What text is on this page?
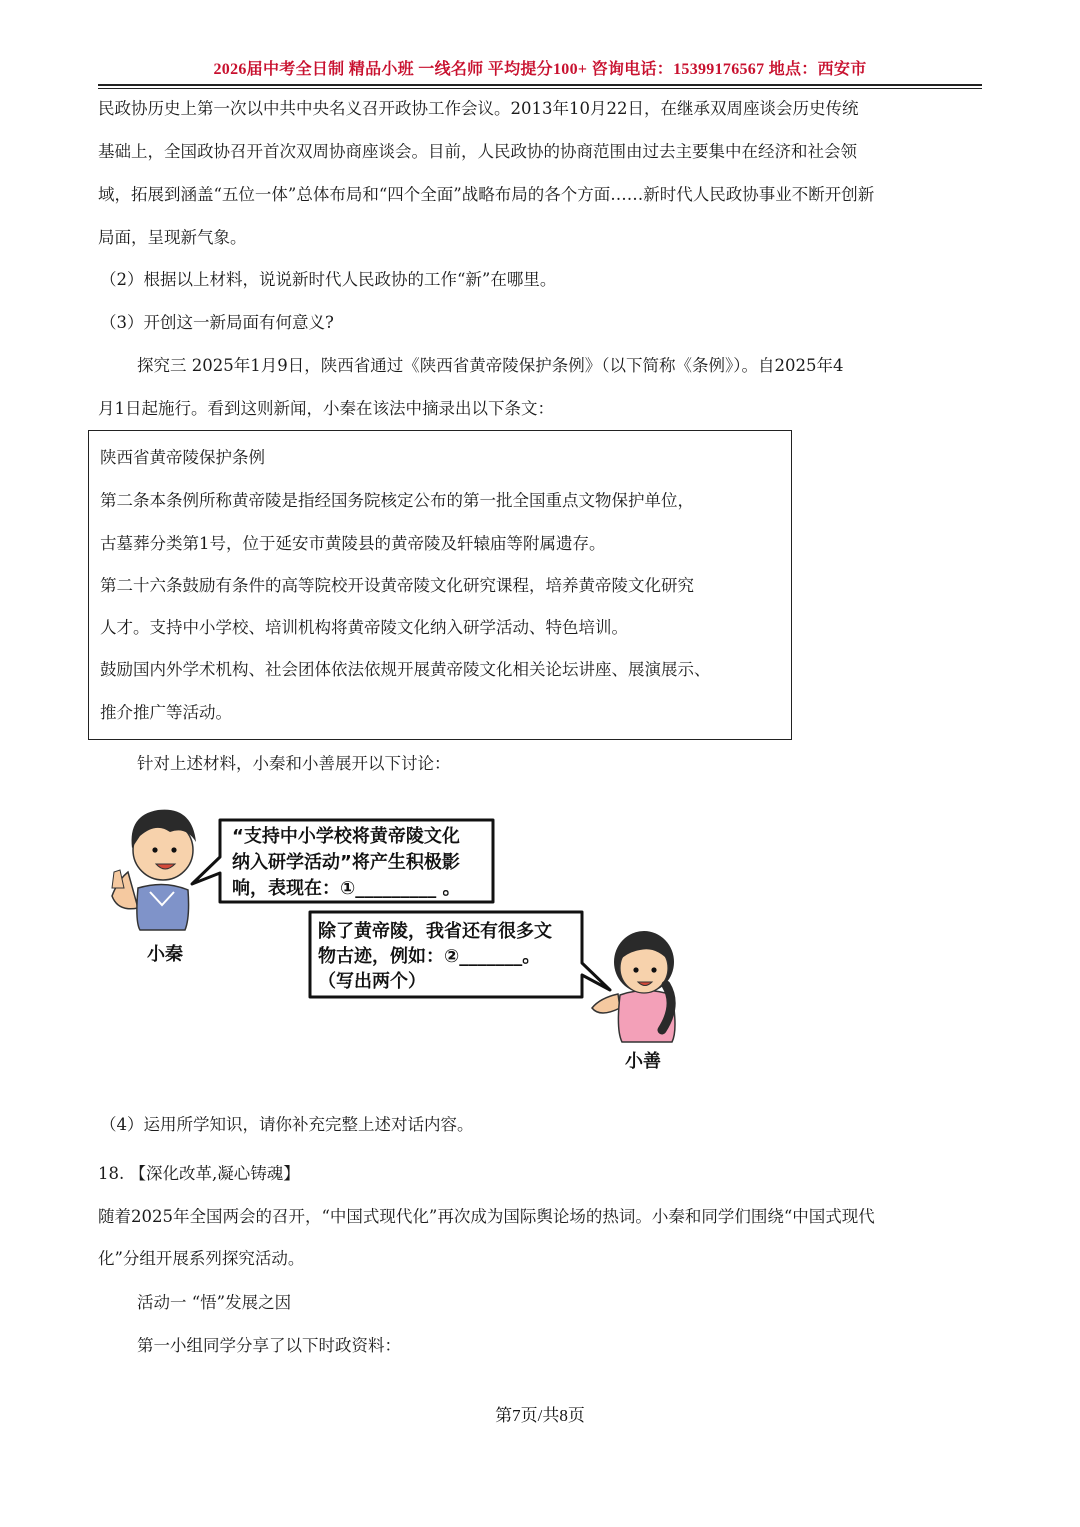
2026届中考全日制 精品小班 一线名师 平均提分100+ 咨询电话：15399176567 地点：西安市
民政协历史上第一次以中共中央名义召开政协工作会议。2013年10月22日，在继承双周座谈会历史传统
基础上，全国政协召开首次双周协商座谈会。目前，人民政协的协商范围由过去主要集中在经济和社会领
域，拓展到涵盖“五位一体”总体布局和“四个全面”战略布局的各个方面……新时代人民政协事业不断开创新
局面，呈现新气象。
（2）根据以上材料，说说新时代人民政协的工作“新”在哪里。
（3）开创这一新局面有何意义?
探究三 2025年1月9日，陕西省通过《陕西省黄帝陵保护条例》（以下简称《条例》）。自2025年4
月1日起施行。看到这则新闻，小秦在该法中摘录出以下条文：
陕西省黄帝陵保护条例
第二条本条例所称黄帝陵是指经国务院核定公布的第一批全国重点文物保护单位，
古墓葬分类第1号，位于延安市黄陵县的黄帝陵及轩辕庙等附属遗存。
第二十六条鼓励有条件的高等院校开设黄帝陵文化研究课程，培养黄帝陵文化研究
人才。支持中小学校、培训机构将黄帝陵文化纳入研学活动、特色培训。
鼓励国内外学术机构、社会团体依法依规开展黄帝陵文化相关论坛讲座、展演展示、
推介推广等活动。
针对上述材料，小秦和小善展开以下讨论：
“支持中小学校将黄帝陵文化
纳入研学活动”将产生积极影
响，表现在：①_________ 。
除了黄帝陵，我省还有很多文
物古迹，例如：②_______。
（写出两个）
小秦
小善
（4）运用所学知识，请你补充完整上述对话内容。
18. 【深化改革,凝心铸魂】
随着2025年全国两会的召开，“中国式现代化”再次成为国际舆论场的热词。小秦和同学们围绕“中国式现代
化”分组开展系列探究活动。
活动一 “悟”发展之因
第一小组同学分享了以下时政资料：
第7页/共8页
